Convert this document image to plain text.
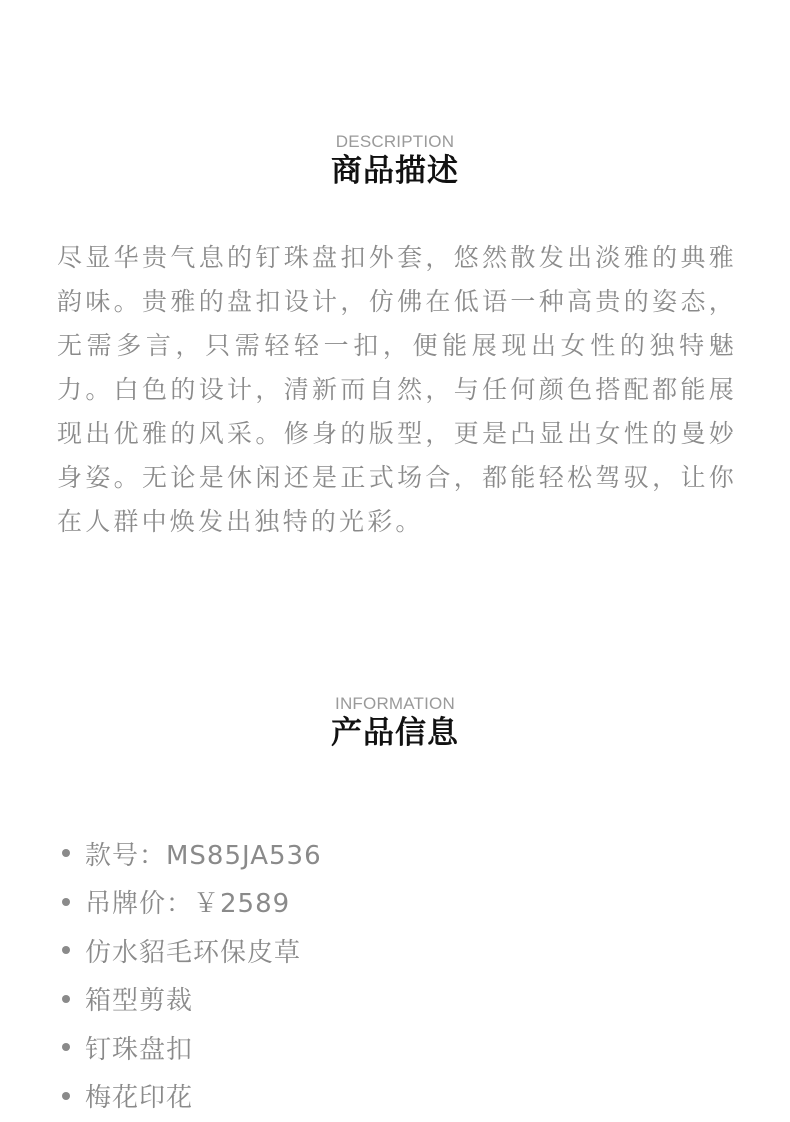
DESCRIPTION
商品描述

尽显华贵气息的钉珠盘扣外套，悠然散发出淡雅的典雅韵味。贵雅的盘扣设计，仿佛在低语一种高贵的姿态，无需多言，只需轻轻一扣，便能展现出女性的独特魅力。白色的设计，清新而自然，与任何颜色搭配都能展现出优雅的风采。修身的版型，更是凸显出女性的曼妙身姿。无论是休闲还是正式场合，都能轻松驾驭，让你在人群中焕发出独特的光彩。

INFORMATION
产品信息
款号：MS85JA536
吊牌价：￥2589
仿水貂毛环保皮草
箱型剪裁
钉珠盘扣
梅花印花
